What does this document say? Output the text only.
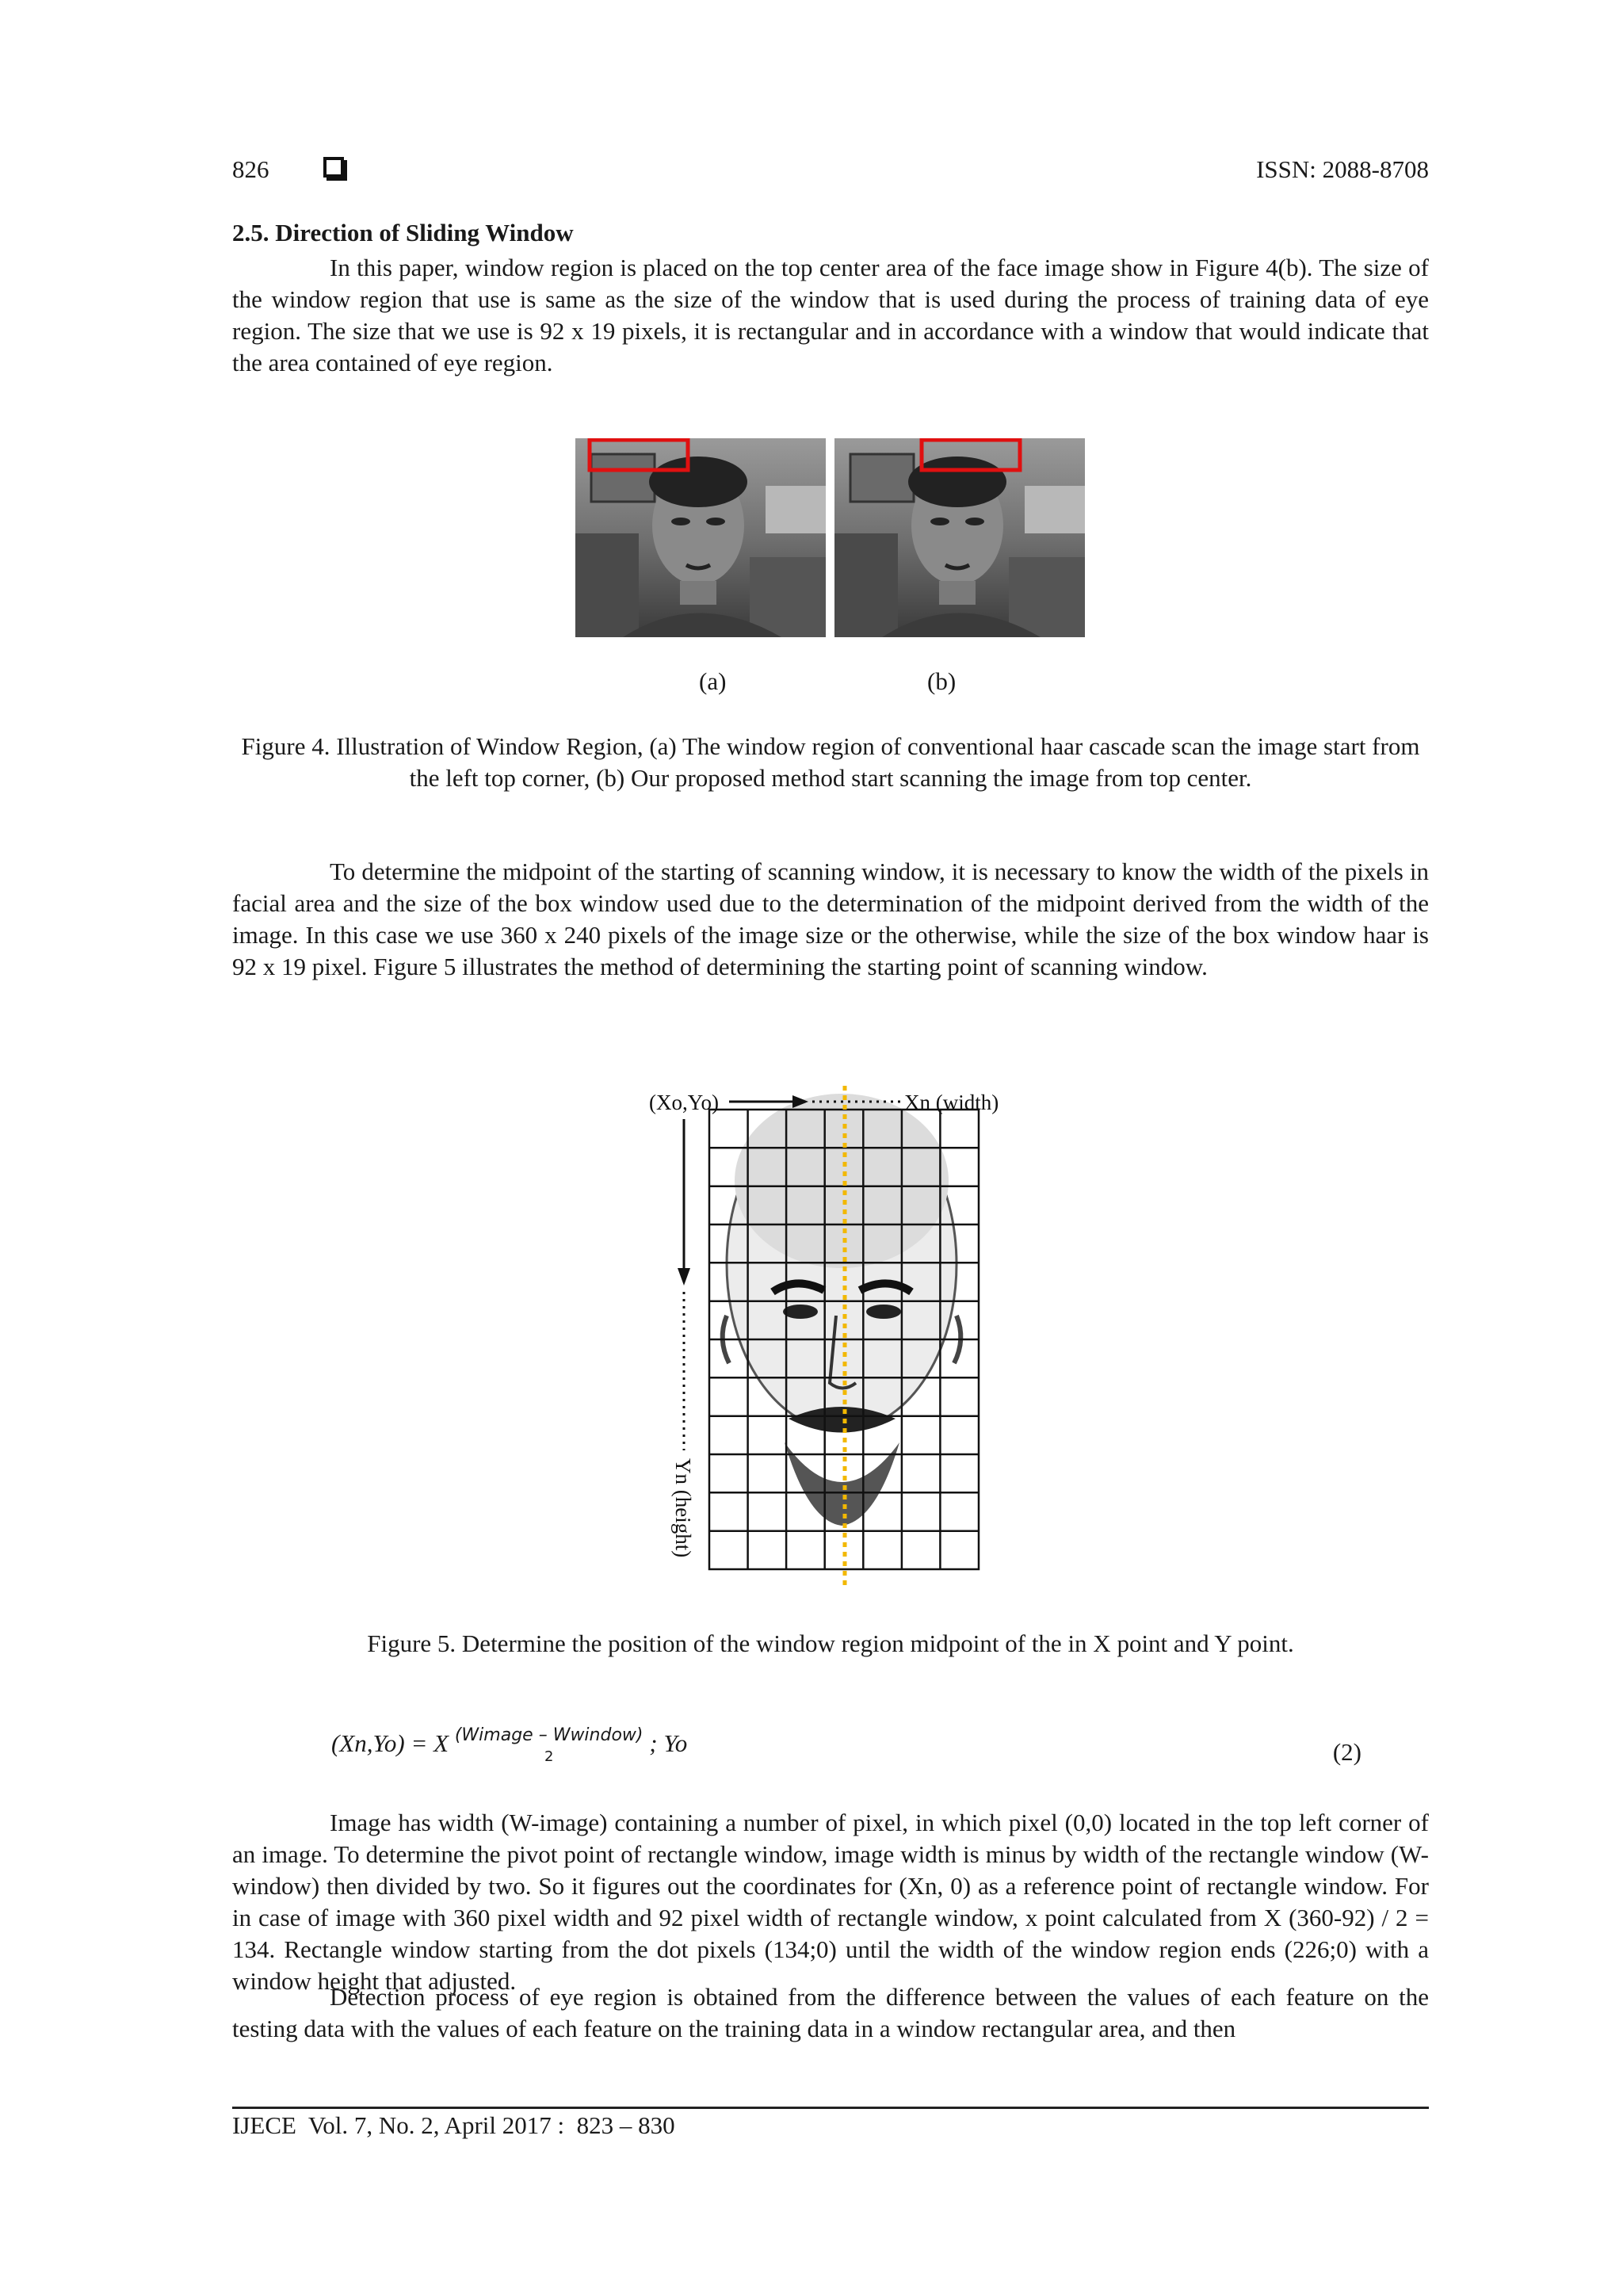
826	ISSN: 2088-8708
2.5. Direction of Sliding Window

In this paper, window region is placed on the top center area of the face image show in Figure 4(b). The size of the window region that use is same as the size of the window that is used during the process of training data of eye region. The size that we use is 92 x 19 pixels, it is rectangular and in accordance with a window that would indicate that the area contained of eye region.

(a)	(b)

Figure 4. Illustration of Window Region, (a) The window region of conventional haar cascade scan the image start from the left top corner, (b) Our proposed method start scanning the image from top center.

To determine the midpoint of the starting of scanning window, it is necessary to know the width of the pixels in facial area and the size of the box window used due to the determination of the midpoint derived from the width of the image. In this case we use 360 x 240 pixels of the image size or the otherwise, while the size of the box window haar is 92 x 19 pixel. Figure 5 illustrates the method of determining the starting point of scanning window.

(Xo,Yo)	Xn (width)
Yn (height)

Figure 5. Determine the position of the window region midpoint of the in X point and Y point.

(Xn,Yo) = X (Wimage – Wwindow)
2	; Yo	(2)

Image has width (W-image) containing a number of pixel, in which pixel (0,0) located in the top left corner of an image. To determine the pivot point of rectangle window, image width is minus by width of the rectangle window (W-window) then divided by two. So it figures out the coordinates for (Xn, 0) as a reference point of rectangle window. For in case of image with 360 pixel width and 92 pixel width of rectangle window, x point calculated from X (360-92) / 2 = 134. Rectangle window starting from the dot pixels (134;0) until the width of the window region ends (226;0) with a window height that adjusted.

Detection process of eye region is obtained from the difference between the values of each feature on the testing data with the values of each feature on the training data in a window rectangular area, and then

IJECE  Vol. 7, No. 2, April 2017 :  823 – 830
